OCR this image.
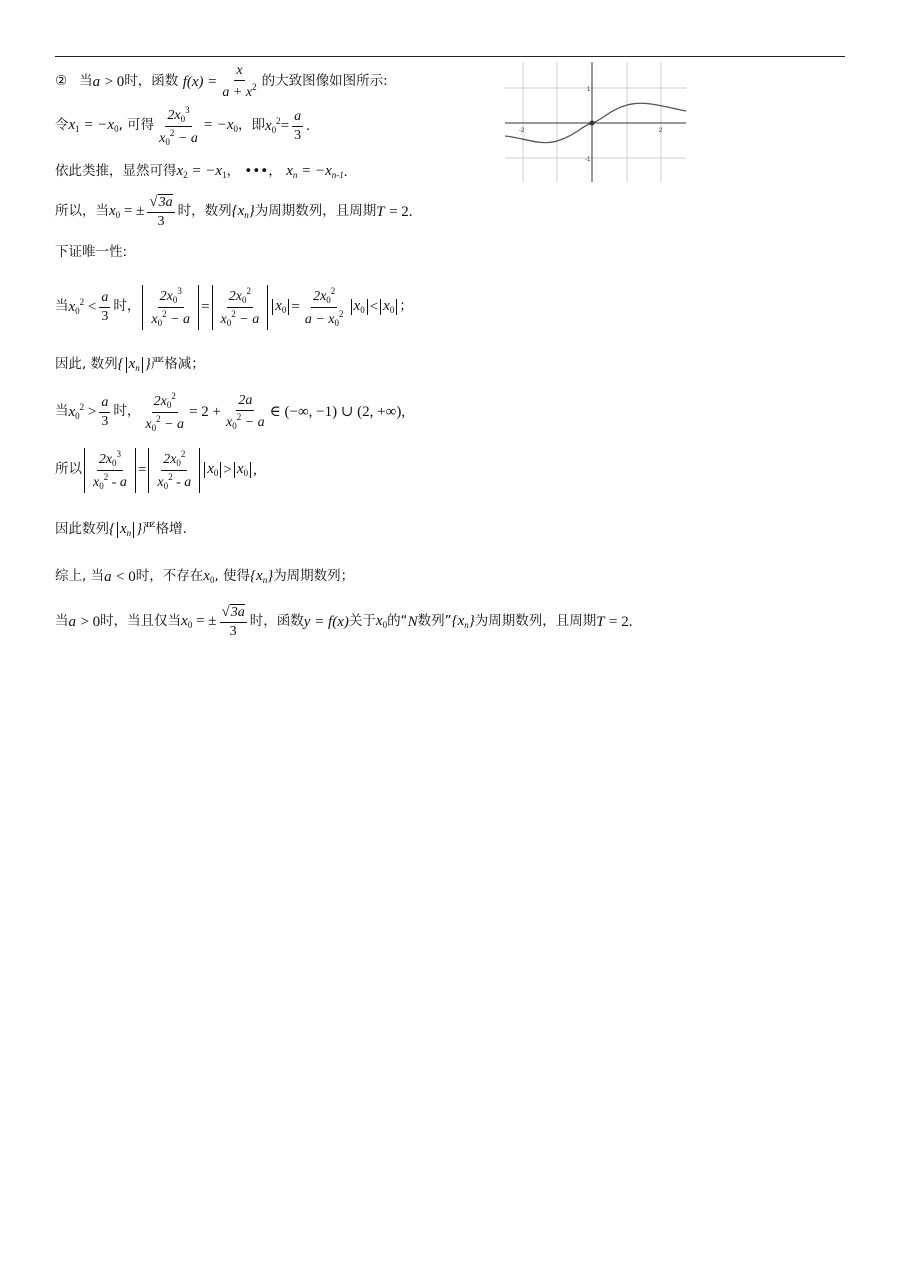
② 当 a
> 0 时，函数
$f(x) = \frac{x}{a + x^2}$ 的大致图像如图所示:
令 $x_1 = -x_0$ , 可得 $\frac{2x_0^3}{x_0^2 - a} = -x_0$ ，即 $x_0^2= \frac{a}{3}$ .
依此类推，显然可得 $x_2 = -x_1$ ， •••，
$x_n = -x_{n-1}$ .
所以，当 $x_0$ = ± $\frac{√3a}{3}$ 时，数列 $\{x_n\}$ 为周期数列，且周期 T
= 2 .
下证唯一性:
当 $x_0^2 < \frac{a}{3}$ 时， $\frac{2x_0^3}{x_0^2 - a} = \frac{2x_0^2}{x_0^2 - a} x_0 = \frac{2x_0^2}{a - x_0^2} x_0 < x_0$ ；
因此, 数列 { $x_n$ } 严格减；
当 $x_0^2 > \frac{a}{3}$ 时， $\frac{2x_0^2}{x_0^2 - a} = 2 + \frac{2a}{x_0^2 - a}$ ∈ (−∞, −1) ∪ (2, +∞) ,
所以 $\frac{2x_0^3}{x_0^2 - a} = \frac{2x_0^2}{x_0^2 - a} x_0 > x_0$ ,
因此数列 { $x_n$ } 严格增.
综上, 当 a
< 0 时，不存在 $x_0$ , 使得 $\{x_n\}$ 为周期数列；
当 a
> 0 时，当且仅当 $x_0$ = ± $\frac{√3a}{3}$ 时，函数 y = f(x) 关于 $x_0$ 的“ N 数列” $\{x_n\}$ 为周期数列，且周期 T
= 2 .
-2	2
1
-1
